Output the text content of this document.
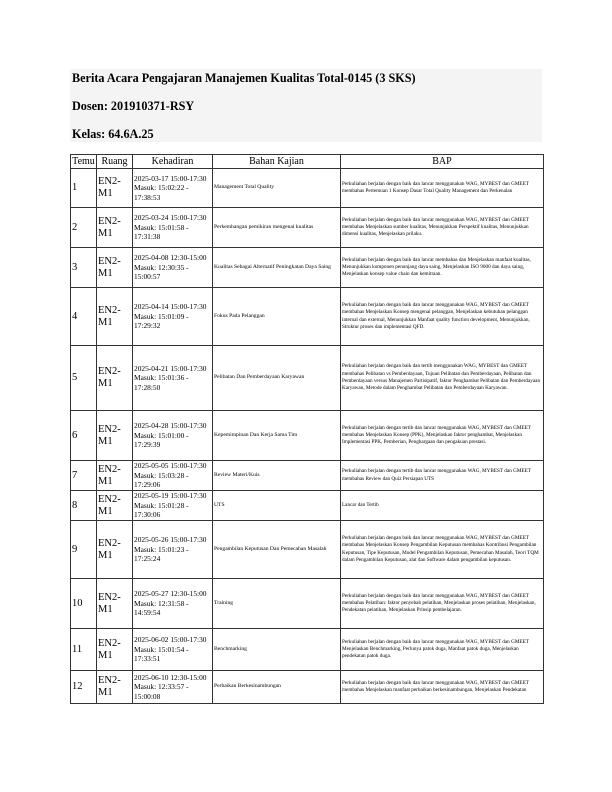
Berita Acara Pengajaran Manajemen Kualitas Total-0145 (3 SKS)
Dosen: 201910371-RSY
Kelas: 64.6A.25
Temu	Ruang	Kehadiran	Bahan Kajian	BAP
1	EN2-M1	2025-03-17 15:00-17:30
Masuk: 15:02:22 - 17:38:53	Management Total Quality	Perkuliahan berjalan dengan baik dan lancar menggunakan WAG, MYBEST dan GMEET membahas Pertemuan 1 Konsep Dasar Total Quality Management dan Perkenalan

2	EN2-M1	2025-03-24 15:00-17:30
Masuk: 15:01:58 - 17:31:38	Perkembangan pemikiran mengenai kualitas	Perkuliahan berjalan dengan baik dan lancar menggunakan WAG, MYBEST dan GMEET membahas Menjelaskan sumber kualitas, Menunjukkan Perspektif kualitas, Menunjukkan dimensi kualitas, Menjelaskan prilaku.

3	EN2-M1	2025-04-08 12:30-15:00
Masuk: 12:30:35 - 15:00:57	Kualitas Sebagai Alternatif Peningkatan Daya Saing	Perkuliahan berjalan dengan baik dan lancar membahas dan Menjelaskan manfaat kualitas, Menunjukkan komponen penunjang daya saing, Menjelaskan ISO 9000 dan daya saing, Menjelaskan konsep value chain dan kemitraan.

4	EN2-M1	2025-04-14 15:00-17:30
Masuk: 15:01:09 - 17:29:32	Fokus Pada Pelanggan	Perkuliahan berjalan dengan baik dan lancar menggunakan WAG, MYBEST dan GMEET membahas Menjelaskan Konsep mengenai pelanggan, Menjelaskan kebutuhan pelanggan internal dan external, Menunjukkan Manfaat quality function development, Menunjukkan, Struktur proses dan implementasi QFD.

5	EN2-M1	2025-04-21 15:00-17:30
Masuk: 15:01:36 - 17:28:50	Pelibatan Dan Pemberdayaan Karyawan	Perkuliahan berjalan dengan baik dan tertib menggunakan WAG, MYBEST dan GMEET membahas Pelibatan vs Pemberdayaan, Tujuan Pelibatan dan Pemberdayaan, Pelibatan dan Pemberdayaan versus Manajemen Partisipatif, faktor Penghambat Pelibatan dan Pemberdayaan Karyawan, Metode dalam Penghambat Pelibatan dan Pemberdayaan Karyawan.

6	EN2-M1	2025-04-28 15:00-17:30
Masuk: 15:01:00 - 17:29:39	Kepemimpinan Dan Kerja Sama Tim	Perkuliahan berjalan dengan tertib dan lancar menggunakan WAG, MYBEST dan GMEET membahas Menjelaskan Konsep (PPK), Menjelaskan faktor penghambat, Menjelaskan Implementasi PPK, Pemberian, Penghargaan dan pengakuan prestasi.

7	EN2-M1	2025-05-05 15:00-17:30
Masuk: 15:03:28 - 17:29:06	Review Materi/Kuis	Perkuliahan berjalan dengan tertib dan lancar menggunakan WAG, MYBEST dan GMEET membahas Review dan Quiz Persiapan UTS

8	EN2-M1	2025-05-19 15:00-17:30
Masuk: 15:01:28 - 17:30:06	UTS	Lancar dan Tertib

9	EN2-M1	2025-05-26 15:00-17:30
Masuk: 15:01:23 - 17:25:24	Pengambilan Keputusan Dan Pemecahan Masalah	Perkuliahan berjalan dengan baik dan lancar menggunakan WAG, MYBEST dan GMEET membahas Menjelaskan Konsep Pengambilan Keputusan membahas Kontribusi Pengambilan Keputusan, Tipe Keputusan, Model Pengambilan Keputusan, Pemecahan Masalah, Teori TQM dalam Pengambilan Keputusan, alat dan Software dalam pengambilan keputusan.

10	EN2-M1	2025-05-27 12:30-15:00
Masuk: 12:31:58 - 14:59:54	Training	Perkuliahan berjalan dengan baik dan lancar menggunakan WAG, MYBEST dan GMEET membahas Pelatihan: faktor penyebab pelatihan, Menjelaskan proses pelatihan, Menjelaskan, Pendekatan pelatihan, Menjelaskan Prinsip pembelajaran.

11	EN2-M1	2025-06-02 15:00-17:30
Masuk: 15:01:54 - 17:33:51	Benchmarking	Perkuliahan berjalan dengan baik dan lancar menggunakan WAG, MYBEST dan GMEET Menjelaskan Benchmarking, Perlunya patok duga, Manfaat patok duga, Menjelaskan pendekatan patok duga.

12	EN2-M1	2025-06-10 12:30-15:00
Masuk: 12:33:57 - 15:00:08	Perbaikan Berkesinambungan	Perkuliahan berjalan dengan baik dan lancar menggunakan WAG, MYBEST dan GMEET membahas Menjelaskan manfaat perbaikan berkesinambungan, Menjelaskan Pendekatan
